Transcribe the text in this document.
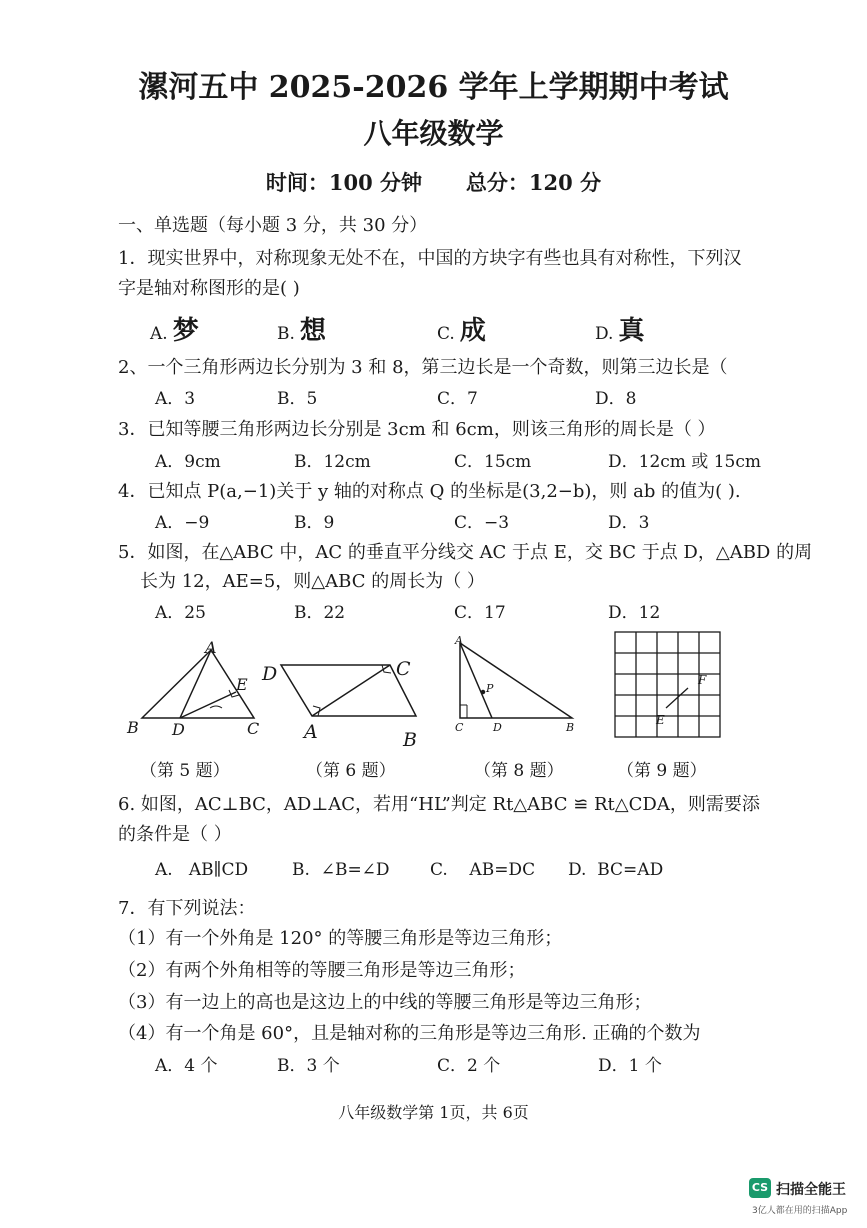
漯河五中 2025-2026 学年上学期期中考试
八年级数学
时间：100 分钟      总分：120 分
一、单选题（每小题 3 分，共 30 分）
1．现实世界中，对称现象无处不在，中国的方块字有些也具有对称性，下列汉
字是轴对称图形的是( )
A. 梦	B. 想	C. 成	D. 真
2、一个三角形两边长分别为 3 和 8，第三边长是一个奇数，则第三边长是（
A．3	B．5	C．7	D．8
3．已知等腰三角形两边长分别是 3cm 和 6cm，则该三角形的周长是（ ）
A．9cm	B．12cm	C．15cm	D．12cm 或 15cm
4．已知点 P(a,−1)关于 y 轴的对称点 Q 的坐标是(3,2−b)，则 ab 的值为( ).
A．−9	B．9	C．−3	D．3
5．如图，在△ABC 中，AC 的垂直平分线交 AC 于点 E，交 BC 于点 D，△ABD 的周
长为 12，AE=5，则△ABC 的周长为（ ）
A．25	B．22	C．17	D．12
A
B D	C
E D	C
A	B
A
C	D	B
P
E
F
（第 5 题）	（第 6 题）	（第 8 题）	（第 9 题）
6. 如图，AC⊥BC，AD⊥AC，若用“HL”判定 Rt△ABC ≌ Rt△CDA，则需要添
的条件是（ ）
A.   AB∥CD	B.  ∠B=∠D C.    AB=DC D.  BC=AD
7．有下列说法：
（1）有一个外角是 120° 的等腰三角形是等边三角形；
（2）有两个外角相等的等腰三角形是等边三角形；
（3）有一边上的高也是这边上的中线的等腰三角形是等边三角形；
（4）有一个角是 60°，且是轴对称的三角形是等边三角形. 正确的个数为
A．4 个	B．3 个	C．2 个	D．1 个
八年级数学第 1页，共 6页
CS 扫描全能王
3亿人都在用的扫描App
